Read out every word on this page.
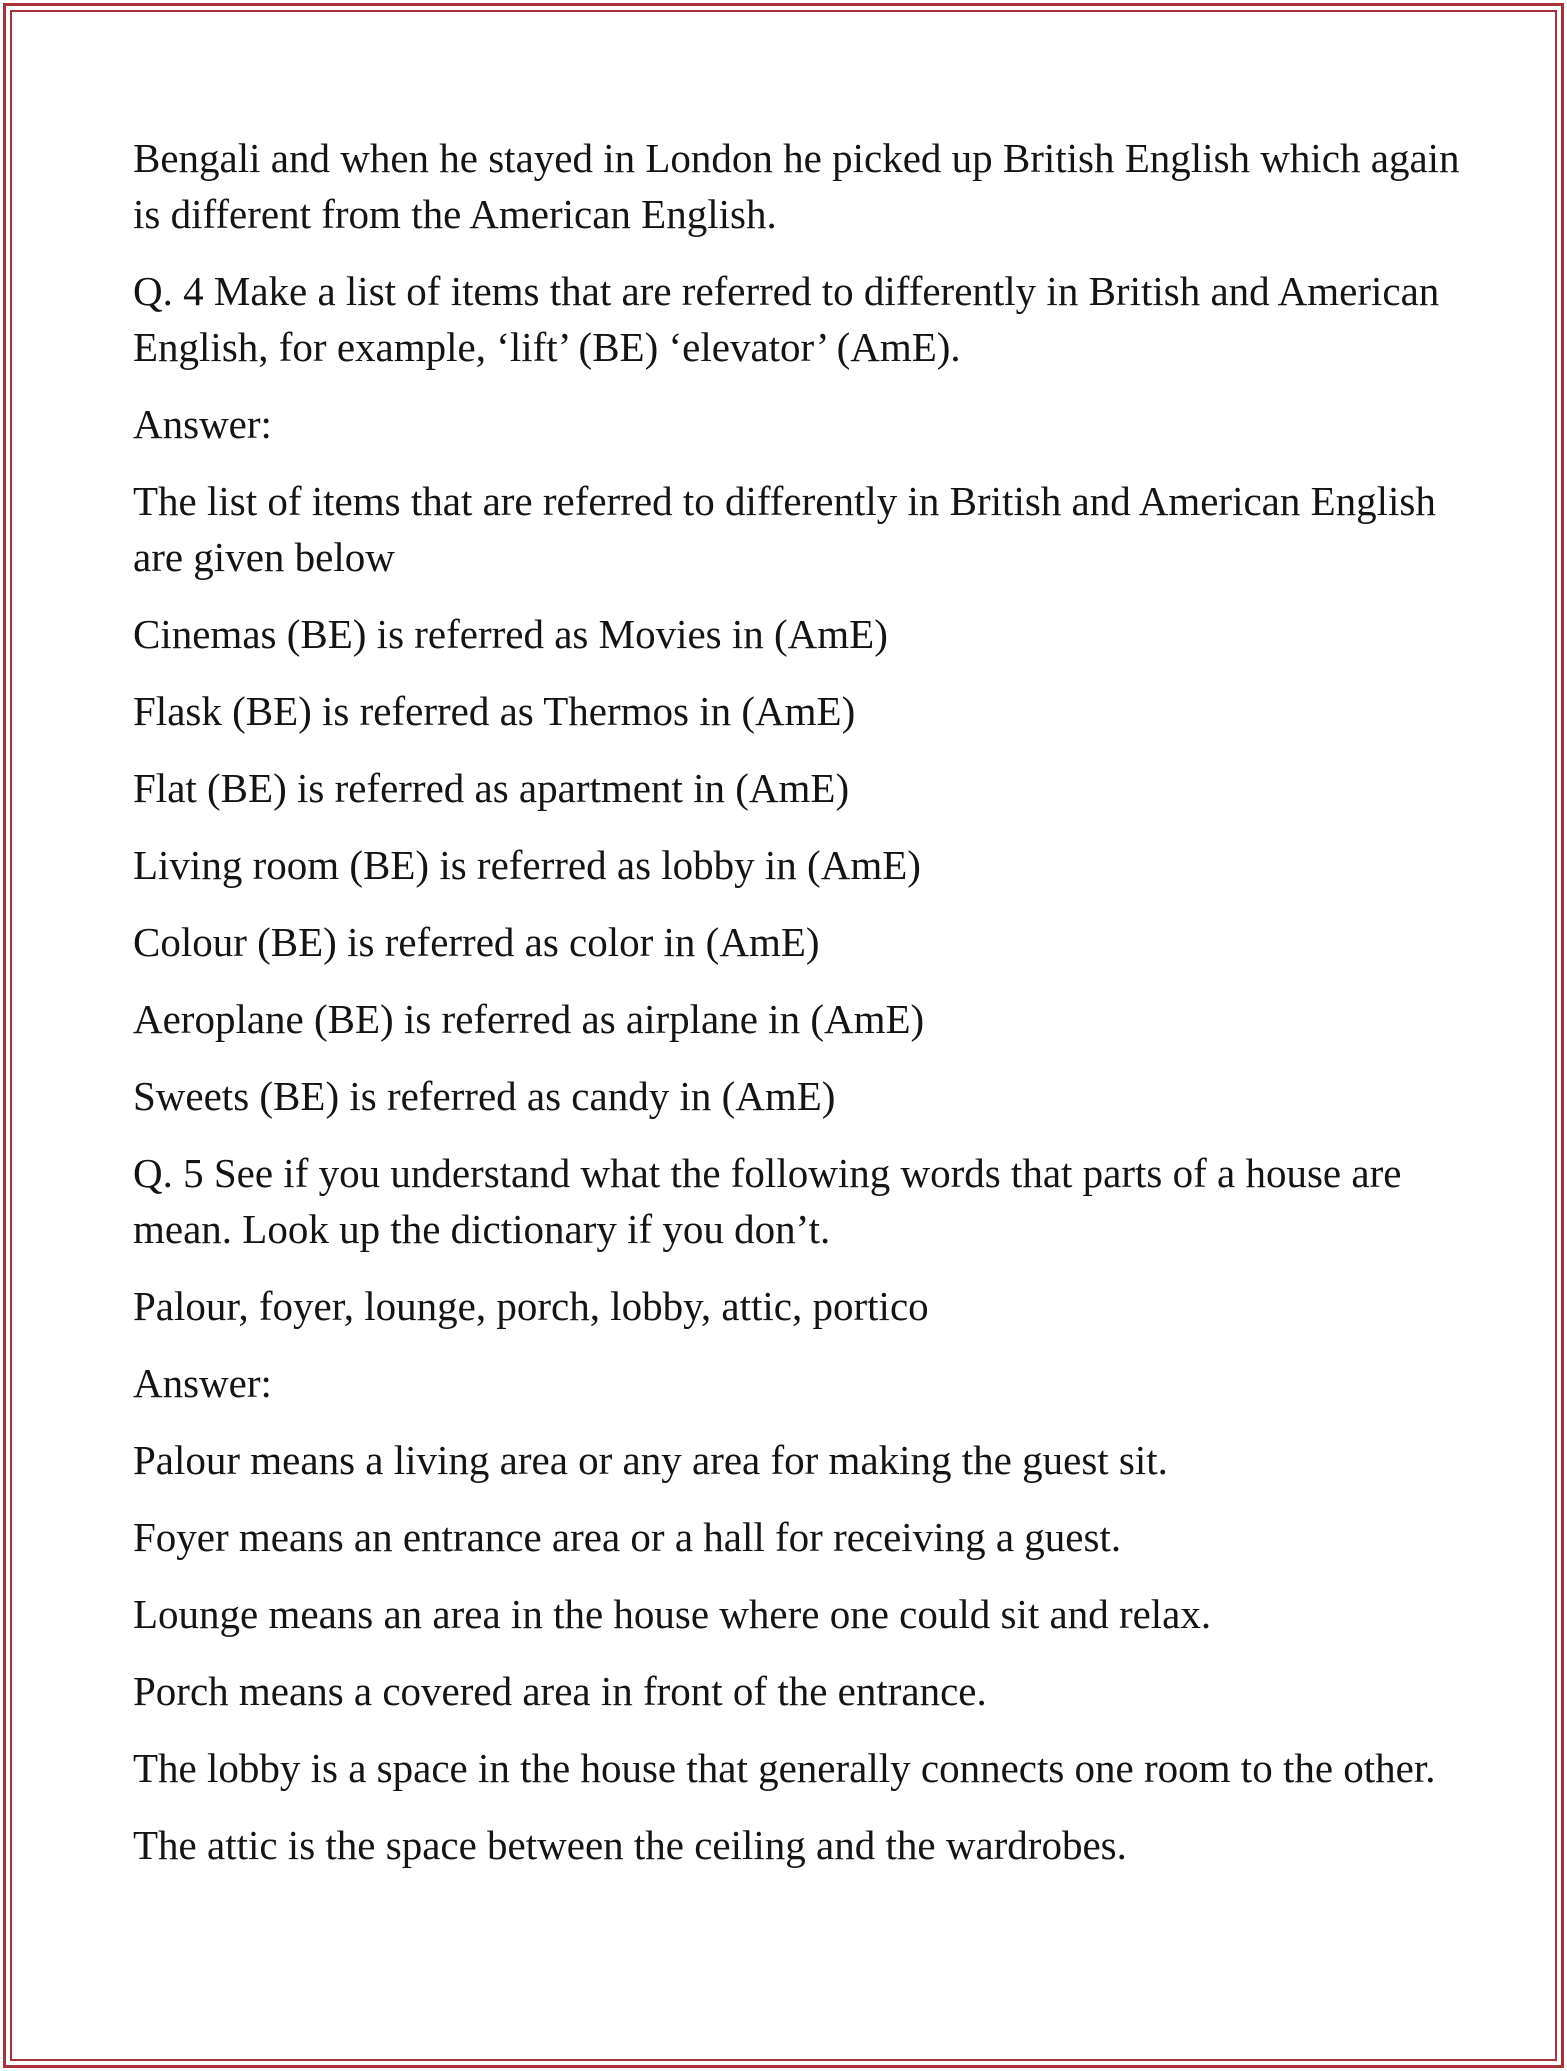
Bengali and when he stayed in London he picked up British English which again is different from the American English.

Q. 4 Make a list of items that are referred to differently in British and American English, for example, ‘lift’ (BE) ‘elevator’ (AmE).

Answer:

The list of items that are referred to differently in British and American English are given below

Cinemas (BE) is referred as Movies in (AmE)

Flask (BE) is referred as Thermos in (AmE)

Flat (BE) is referred as apartment in (AmE)

Living room (BE) is referred as lobby in (AmE)

Colour (BE) is referred as color in (AmE)

Aeroplane (BE) is referred as airplane in (AmE)

Sweets (BE) is referred as candy in (AmE)

Q. 5 See if you understand what the following words that parts of a house are mean. Look up the dictionary if you don’t.

Palour, foyer, lounge, porch, lobby, attic, portico

Answer:

Palour means a living area or any area for making the guest sit.

Foyer means an entrance area or a hall for receiving a guest.

Lounge means an area in the house where one could sit and relax.

Porch means a covered area in front of the entrance.

The lobby is a space in the house that generally connects one room to the other.

The attic is the space between the ceiling and the wardrobes.
